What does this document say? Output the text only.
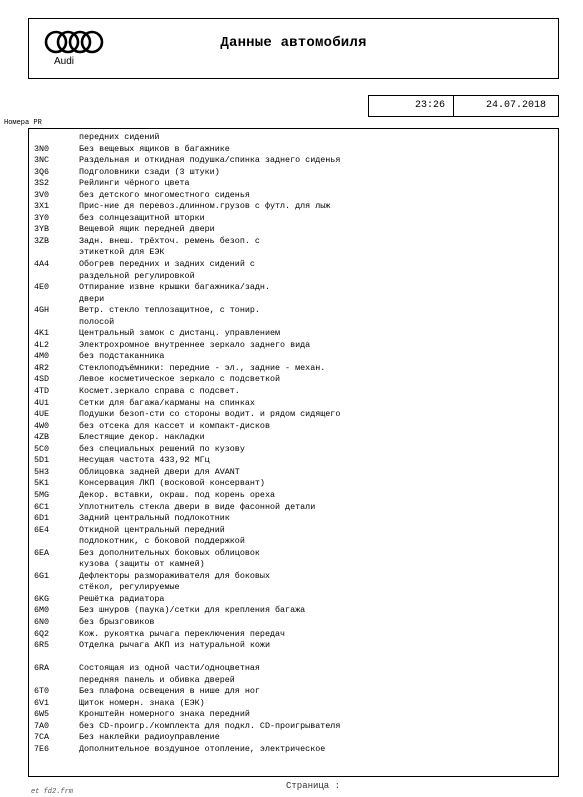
Audi
Данные автомобиля
23:26	24.07.2018
Номера PR
передних сидений
3N0	Без вещевых ящиков в багажнике
3NC	Раздельная и откидная подушка/спинка заднего сиденья
3Q6	Подголовники сзади (3 штуки)
3S2	Рейлинги чёрного цвета
3V0	без детского многоместного сиденья
3X1	Прис-ние дя перевоз.длинном.грузов с футл. для лыж
3Y0	без солнцезащитной шторки
3YB	Вещевой ящик передней двери
3ZB	Задн. внеш. трёхточ. ремень безоп. с
этикеткой для ЕЭК
4A4	Обогрев передних и задних сидений с
раздельной регулировкой
4E0	Отпирание извне крышки багажника/задн.
двери
4GH	Ветр. стекло теплозащитное, с тонир.
полосой
4K1	Центральный замок с дистанц. управлением
4L2	Электрохромное внутреннее зеркало заднего вида
4M0	без подстаканника
4R2	Стеклоподъёмники: передние - эл., задние - механ.
4SD	Левое косметическое зеркало с подсветкой
4TD	Космет.зеркало справа с подсвет.
4U1	Сетки для багажа/карманы на спинках
4UE	Подушки безоп-сти со стороны водит. и рядом сидящего
4W0	без отсека для кассет и компакт-дисков
4ZB	Блестящие декор. накладки
5C0	без специальных решений по кузову
5D1	Несущая частота 433,92 МГц
5H3	Облицовка задней двери для AVANT
5K1	Консервация ЛКП (восковой консервант)
5MG	Декор. вставки, окраш. под корень ореха
6C1	Уплотнитель стекла двери в виде фасонной детали
6D1	Задний центральный подлокотник
6E4	Откидной центральный передний
подлокотник, с боковой поддержкой
6EA	Без дополнительных боковых облицовок
кузова (защиты от камней)
6G1	Дефлекторы размораживателя для боковых
стёкол, регулируемые
6KG	Решётка радиатора
6M0	Без шнуров (паука)/сетки для крепления багажа
6N0	без брызговиков
6Q2	Кож. рукоятка рычага переключения передач
6R5	Отделка рычага АКП из натуральной кожи
6RA	Состоящая из одной части/одноцветная
передняя панель и обивка дверей
6T0	Без плафона освещения в нише для ног
6V1	Щиток номерн. знака (ЕЭК)
6W5	Кронштейн номерного знака передний
7A0	без CD-проигр./комплекта для подкл. CD-проигрывателя
7CA	Без наклейки радиоуправление
7E6	Дополнительное воздушное отопление, электрическое
Страница :
et fd2.frm
